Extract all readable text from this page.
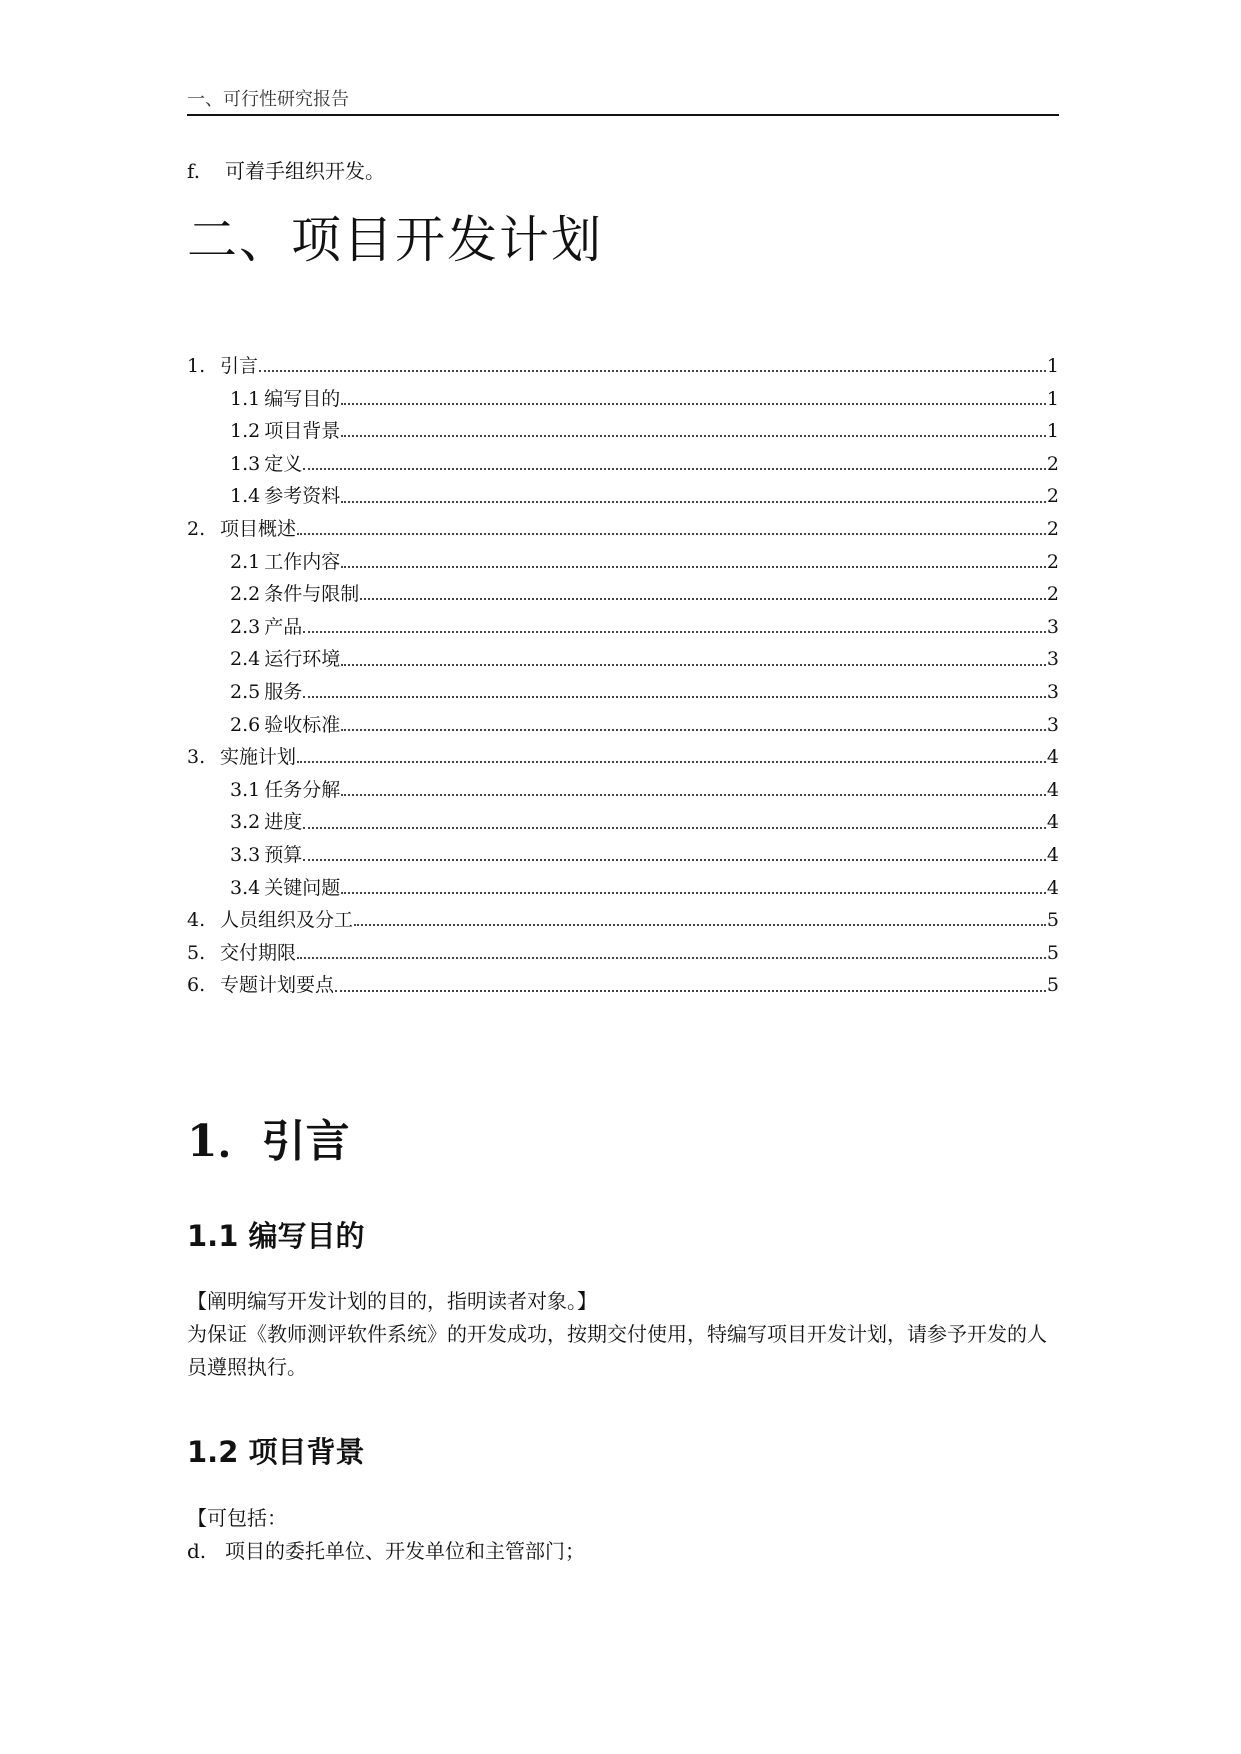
一、可行性研究报告
f. 可着手组织开发。
二、项目开发计划
1. 引言	1
1.1 编写目的	1
1.2 项目背景	1
1.3 定义	2
1.4 参考资料	2
2. 项目概述	2
2.1 工作内容	2
2.2 条件与限制	2
2.3 产品	3
2.4 运行环境	3
2.5 服务	3
2.6 验收标准	3
3. 实施计划	4
3.1 任务分解	4
3.2 进度	4
3.3 预算	4
3.4 关键问题	4
4. 人员组织及分工	5
5. 交付期限	5
6. 专题计划要点	5
1．引言
1.1 编写目的
【阐明编写开发计划的目的，指明读者对象。】
为保证《教师测评软件系统》的开发成功，按期交付使用，特编写项目开发计划，请参予开发的人员遵照执行。
1.2 项目背景
【可包括：
d. 项目的委托单位、开发单位和主管部门；
